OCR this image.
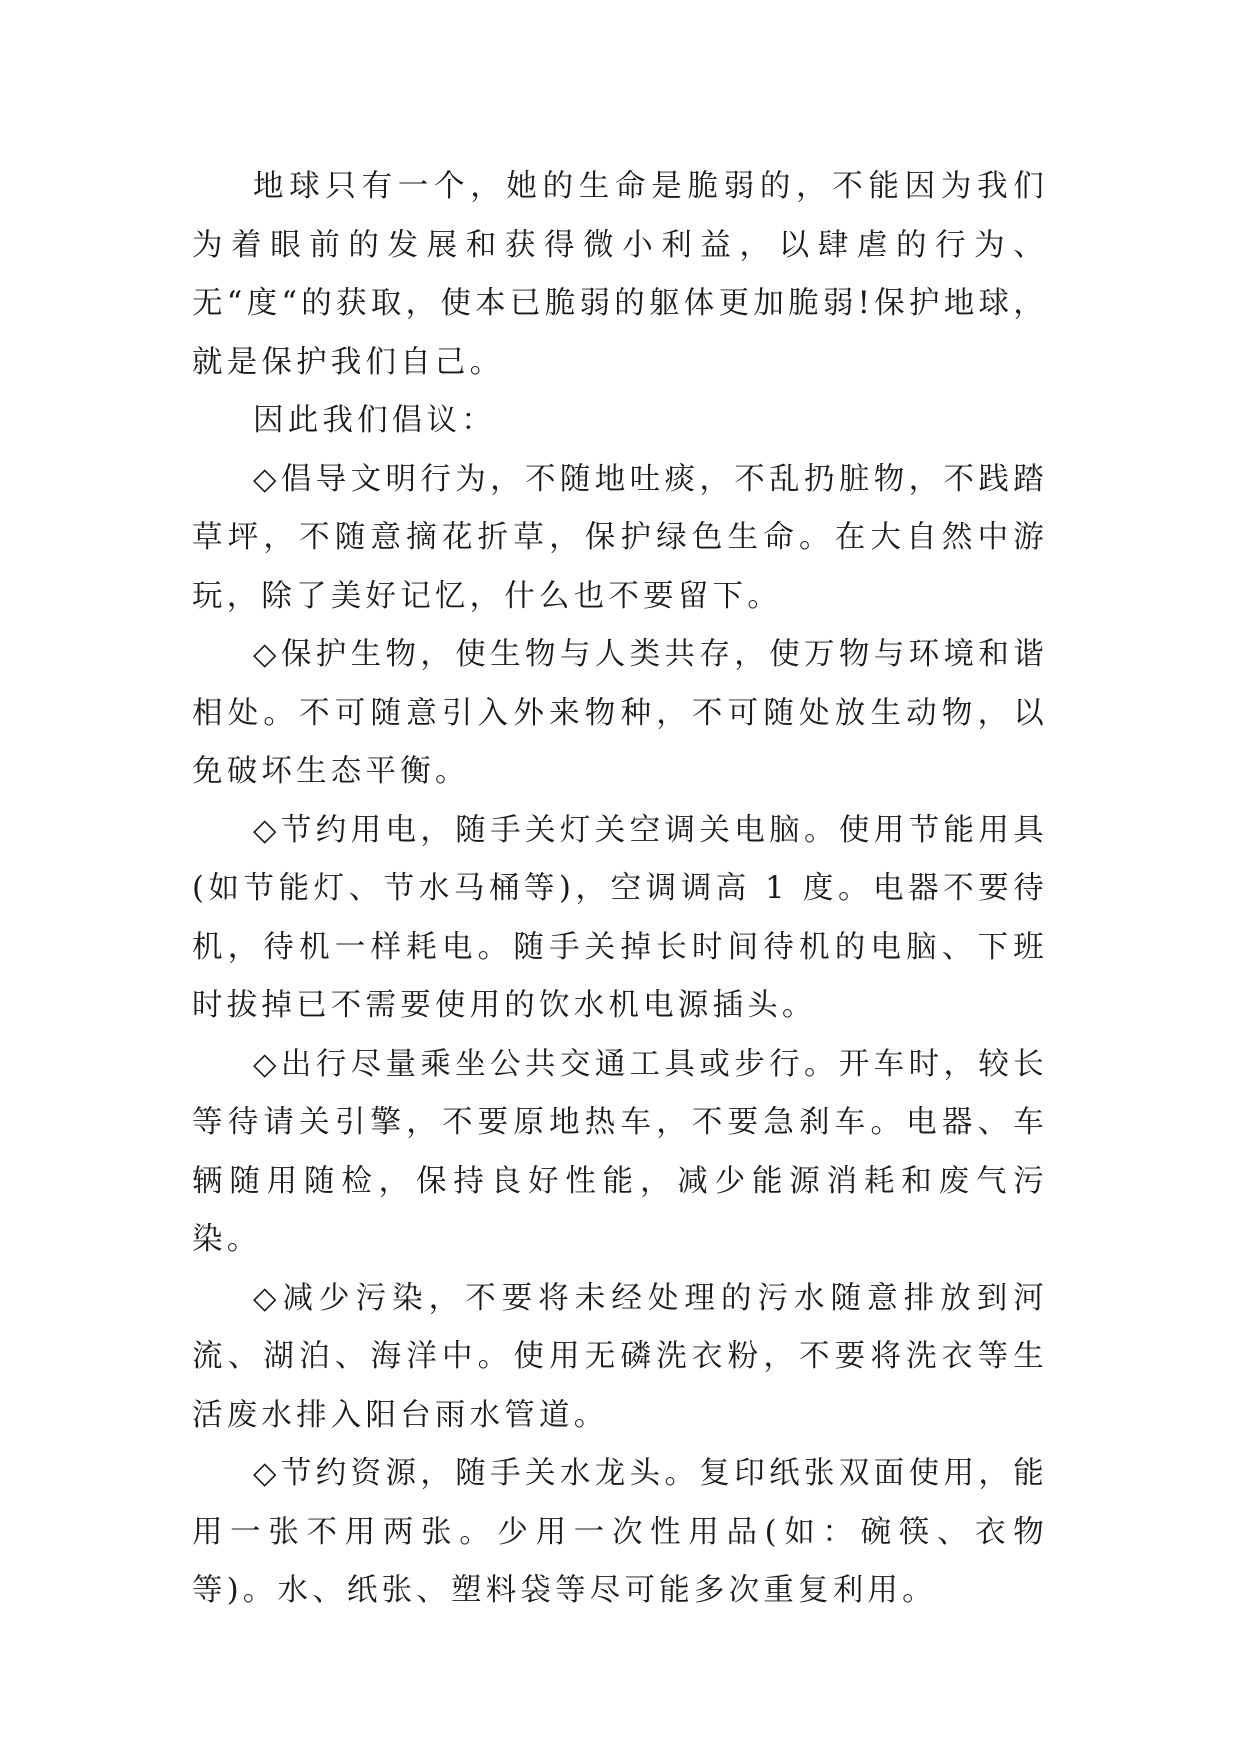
地球只有一个，她的生命是脆弱的，不能因为我们为着眼前的发展和获得微小利益，以肆虐的行为、无“度“的获取，使本已脆弱的躯体更加脆弱!保护地球，就是保护我们自己。

因此我们倡议：

◇倡导文明行为，不随地吐痰，不乱扔脏物，不践踏草坪，不随意摘花折草，保护绿色生命。在大自然中游玩，除了美好记忆，什么也不要留下。

◇保护生物，使生物与人类共存，使万物与环境和谐相处。不可随意引入外来物种，不可随处放生动物，以免破坏生态平衡。

◇节约用电，随手关灯关空调关电脑。使用节能用具(如节能灯、节水马桶等)，空调调高 1 度。电器不要待机，待机一样耗电。随手关掉长时间待机的电脑、下班时拔掉已不需要使用的饮水机电源插头。

◇出行尽量乘坐公共交通工具或步行。开车时，较长等待请关引擎，不要原地热车，不要急刹车。电器、车辆随用随检，保持良好性能，减少能源消耗和废气污染。

◇减少污染，不要将未经处理的污水随意排放到河流、湖泊、海洋中。使用无磷洗衣粉，不要将洗衣等生活废水排入阳台雨水管道。

◇节约资源，随手关水龙头。复印纸张双面使用，能用一张不用两张。少用一次性用品(如：碗筷、衣物等)。水、纸张、塑料袋等尽可能多次重复利用。
